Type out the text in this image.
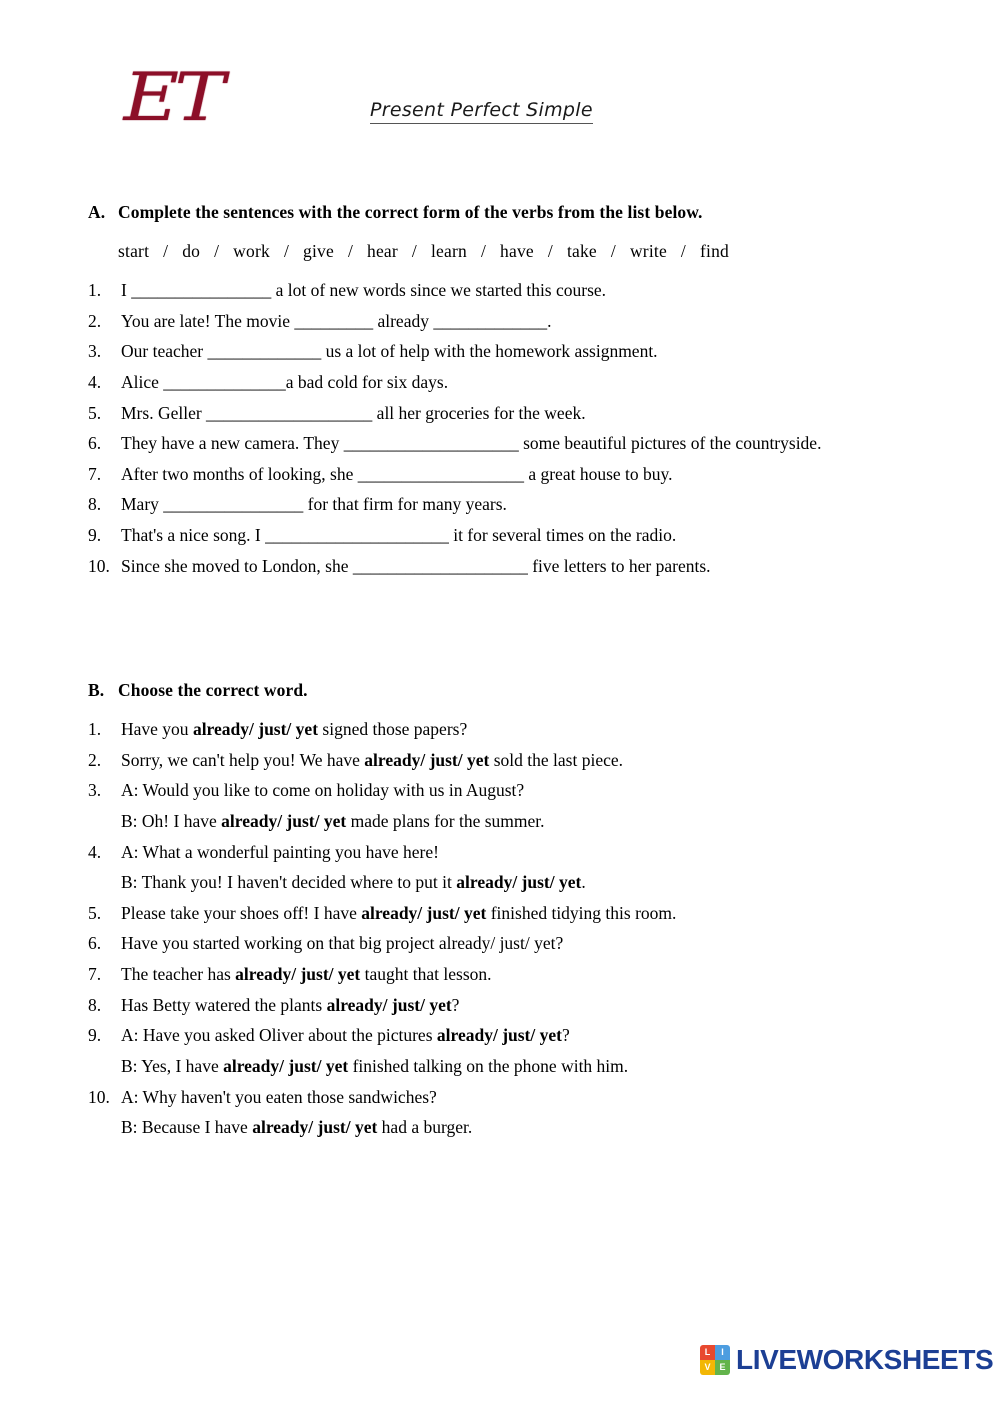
ET	Present Perfect Simple
A. Complete the sentences with the correct form of the verbs from the list below.
start / do / work / give / hear / learn / have / take / write / find
1.	I ________________ a lot of new words since we started this course.
2.	You are late! The movie _________ already _____________.
3.	Our teacher _____________ us a lot of help with the homework assignment.
4.	Alice ______________a bad cold for six days.
5.	Mrs. Geller ___________________ all her groceries for the week.
6.	They have a new camera. They ____________________ some beautiful pictures of the countryside.
7.	After two months of looking, she ___________________ a great house to buy.
8.	Mary ________________ for that firm for many years.
9.	That's a nice song. I _____________________ it for several times on the radio.
10. Since she moved to London, she ____________________ five letters to her parents.
B. Choose the correct word.
1.	Have you already/ just/ yet signed those papers?
2.	Sorry, we can't help you! We have already/ just/ yet sold the last piece.
3.	A: Would you like to come on holiday with us in August?
B: Oh! I have already/ just/ yet made plans for the summer.
4.	A: What a wonderful painting you have here!
B: Thank you! I haven't decided where to put it already/ just/ yet.
5.	Please take your shoes off! I have already/ just/ yet finished tidying this room.
6.	Have you started working on that big project already/ just/ yet?
7.	The teacher has already/ just/ yet taught that lesson.
8.	Has Betty watered the plants already/ just/ yet?
9.	A: Have you asked Oliver about the pictures already/ just/ yet?
B: Yes, I have already/ just/ yet finished talking on the phone with him.
10. A: Why haven't you eaten those sandwiches?
B: Because I have already/ just/ yet had a burger.
L	I
V E LIVEWORKSHEETS
